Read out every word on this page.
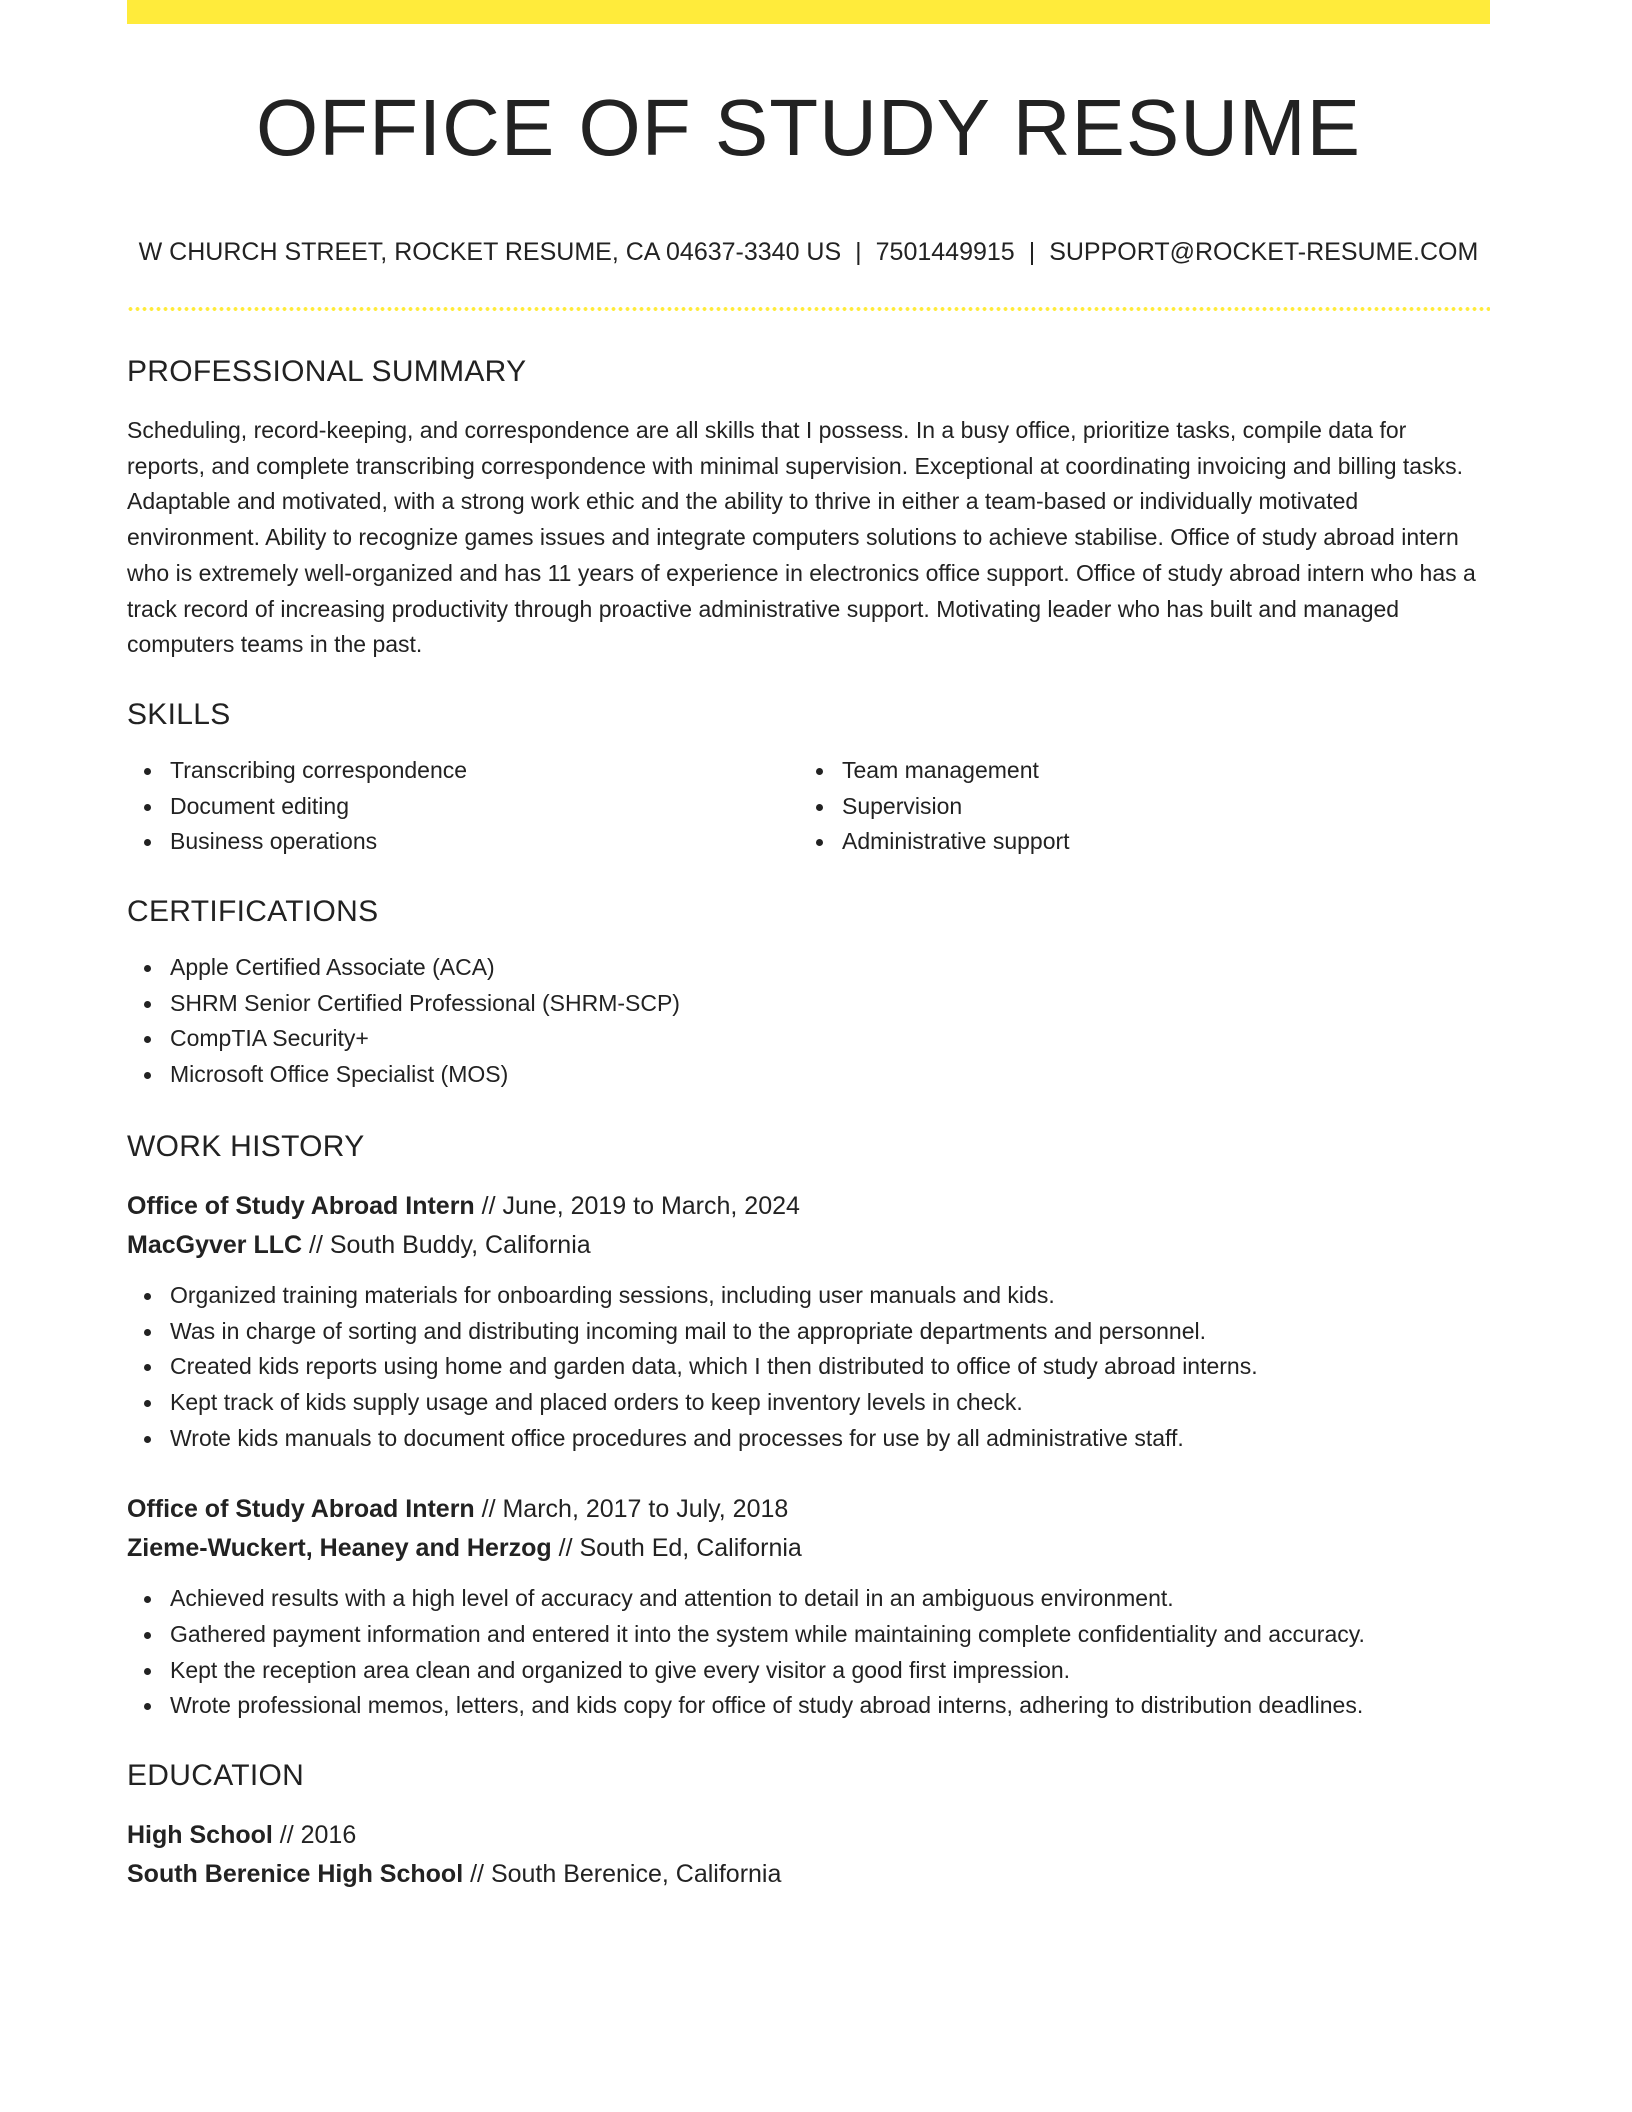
OFFICE OF STUDY RESUME
W CHURCH STREET, ROCKET RESUME, CA 04637-3340 US | 7501449915 | SUPPORT@ROCKET-RESUME.COM
PROFESSIONAL SUMMARY

Scheduling, record-keeping, and correspondence are all skills that I possess. In a busy office, prioritize tasks, compile data for reports, and complete transcribing correspondence with minimal supervision. Exceptional at coordinating invoicing and billing tasks. Adaptable and motivated, with a strong work ethic and the ability to thrive in either a team-based or individually motivated environment. Ability to recognize games issues and integrate computers solutions to achieve stabilise. Office of study abroad intern who is extremely well-organized and has 11 years of experience in electronics office support. Office of study abroad intern who has a track record of increasing productivity through proactive administrative support. Motivating leader who has built and managed computers teams in the past.

SKILLS
Transcribing correspondence
Document editing
Business operations
Team management
Supervision
Administrative support
CERTIFICATIONS
Apple Certified Associate (ACA)
SHRM Senior Certified Professional (SHRM-SCP)
CompTIA Security+
Microsoft Office Specialist (MOS)
WORK HISTORY
Office of Study Abroad Intern // June, 2019 to March, 2024
MacGyver LLC // South Buddy, California
Organized training materials for onboarding sessions, including user manuals and kids.
Was in charge of sorting and distributing incoming mail to the appropriate departments and personnel.
Created kids reports using home and garden data, which I then distributed to office of study abroad interns.
Kept track of kids supply usage and placed orders to keep inventory levels in check.
Wrote kids manuals to document office procedures and processes for use by all administrative staff.
Office of Study Abroad Intern // March, 2017 to July, 2018
Zieme-Wuckert, Heaney and Herzog // South Ed, California
Achieved results with a high level of accuracy and attention to detail in an ambiguous environment.
Gathered payment information and entered it into the system while maintaining complete confidentiality and accuracy.
Kept the reception area clean and organized to give every visitor a good first impression.
Wrote professional memos, letters, and kids copy for office of study abroad interns, adhering to distribution deadlines.
EDUCATION
High School // 2016
South Berenice High School // South Berenice, California
